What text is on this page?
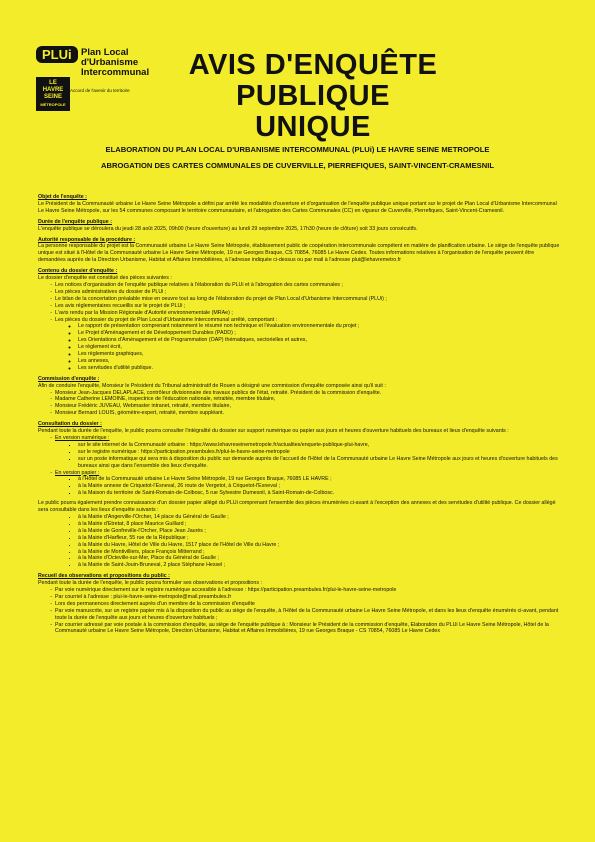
PLUi Plan Local
d'Urbanisme
Intercommunal
LE
HAVRE
SEINE
MÉTROPOLE
Accord de l'avenir du territoire
AVIS D'ENQUÊTE
PUBLIQUE UNIQUE
ELABORATION DU PLAN LOCAL D'URBANISME INTERCOMMUNAL (PLUi) LE HAVRE SEINE METROPOLE
ABROGATION DES CARTES COMMUNALES DE CUVERVILLE, PIERREFIQUES, SAINT-VINCENT-CRAMESNIL
Objet de l'enquête :

Le Président de la Communauté urbaine Le Havre Seine Métropole a défini par arrêté les modalités d'ouverture et d'organisation de l'enquête publique unique portant sur le projet de Plan Local d'Urbanisme Intercommunal Le Havre Seine Métropole, sur les 54 communes composant le territoire communautaire, et l'abrogation des Cartes Communales (CC) en vigueur de Cuverville, Pierrefiques, Saint-Vincent-Cramesnil.

Durée de l'enquête publique :

L'enquête publique se déroulera du jeudi 28 août 2025, 09h00 (heure d'ouverture) au lundi 29 septembre 2025, 17h30 (heure de clôture) soit 33 jours consécutifs.

Autorité responsable de la procédure :

La personne responsable du projet est la Communauté urbaine Le Havre Seine Métropole, établissement public de coopération intercommunale compétent en matière de planification urbaine. Le siège de l'enquête publique unique est situé à l'Hôtel de la Communauté urbaine Le Havre Seine Métropole, 19 rue Georges Braque, CS 70854, 76085 Le Havre Cedex. Toutes informations relatives à l'organisation de l'enquête peuvent être demandées auprès de la Direction Urbanisme, Habitat et Affaires Immobilières, à l'adresse indiquée ci-dessus ou par mail à l'adresse plui@lehavremetro.fr

Contenu du dossier d'enquête :

Le dossier d'enquête est constitué des pièces suivantes :

- Les notices d'organisation de l'enquête publique relatives à l'élaboration du PLUi et à l'abrogation des cartes communales ;
- Les pièces administratives du dossier de PLUi ;
- Le bilan de la concertation préalable mise en oeuvre tout au long de l'élaboration du projet de Plan Local d'Urbanisme Intercommunal (PLUi) ;
- Les avis réglementaires recueillis sur le projet de PLUi ;
- L'avis rendu par la Mission Régionale d'Autorité environnementale (MRAe) ;
- Les pièces du dossier du projet de Plan Local d'Urbanisme Intercommunal arrêté, comportant :
◦ Le rapport de présentation comprenant notamment le résumé non technique et l'évaluation environnementale du projet ;
◦ Le Projet d'Aménagement et de Développement Durables (PADD) ;
◦ Les Orientations d'Aménagement et de Programmation (OAP) thématiques, sectorielles et autres,
◦ Le règlement écrit,
◦ Les règlements graphiques,
◦ Les annexes,
◦ Les servitudes d'utilité publique.
Commission d'enquête :

Afin de conduire l'enquête, Monsieur le Président du Tribunal administratif de Rouen a désigné une commission d'enquête composée ainsi qu'il suit :

- Monsieur Jean-Jacques DELAPLACE, contrôleur divisionnaire des travaux publics de l'état, retraité. Président de la commission d'enquête.
- Madame Catherine LEMOINE, inspectrice de l'éducation nationale, retraitée, membre titulaire,
- Monsieur Frédéric JUVEAU, Webmaster intranet, retraité, membre titulaire,
- Monsieur Bernard LOUIS, géomètre-expert, retraité, membre suppléant.
Consultation du dossier :

Pendant toute la durée de l'enquête, le public pourra consulter l'intégralité du dossier sur support numérique ou papier aux jours et heures d'ouverture habituels des bureaux et lieux d'enquête suivants :

- En version numérique :
▪ sur le site internet de la Communauté urbaine : https://www.lehavreseinemetropole.fr/actualites/enquete-publique-plui-havre,
▪ sur le registre numérique : https://participation.preambules.fr/plui-le-havre-seine-metropole
▪ sur un poste informatique qui sera mis à disposition du public sur demande auprès de l'accueil de l'Hôtel de la Communauté urbaine Le Havre Seine Métropole aux jours et heures d'ouverture habituels des bureaux ainsi que dans l'ensemble des lieux d'enquête.
- En version papier :
▪ à l'Hôtel de la Communauté urbaine Le Havre Seine Métropole, 19 rue Georges Braque, 76085 LE HAVRE ;
▪ à la Mairie annexe de Criquetot-l'Esneval, 26 route de Vergetot, à Criquetot-l'Esneval ;
▪ à la Maison du territoire de Saint-Romain-de-Colbosc, 5 rue Sylvestre Dumesnil, à Saint-Romain-de-Colbosc.

Le public pourra également prendre connaissance d'un dossier papier allégé du PLUi comprenant l'ensemble des pièces énumérées ci-avant à l'exception des annexes et des servitudes d'utilité publique. Ce dossier allégé sera consultable dans les lieux d'enquête suivants :

• à la Mairie d'Angerville-l'Orcher, 14 place du Général de Gaulle ;
• à la Mairie d'Etretat, 8 place Maurice Guillard ;
• à la Mairie de Gonfreville-l'Orcher, Place Jean Jaurès ;
• à la Mairie d'Harfleur, 55 rue de la République ;
• à la Mairie du Havre, Hôtel de Ville du Havre, 1517 place de l'Hôtel de Ville du Havre ;
• à la Mairie de Montivilliers, place François Mitterrand ;
• à la Mairie d'Octeville-sur-Mer, Place du Général de Gaulle ;
• à la Mairie de Saint-Jouin-Bruneval, 2 place Stéphane Hessel ;
Recueil des observations et propositions du public :

Pendant toute la durée de l'enquête, le public pourra formuler ses observations et propositions :

- Par voie numérique directement sur le registre numérique accessible à l'adresse : https://participation.preambules.fr/plui-le-havre-seine-metropole
- Par courriel à l'adresse : plui-le-havre-seine-metropole@mail.preambules.fr
- Lors des permanences directement auprès d'un membre de la commission d'enquête
- Par voie manuscrite, sur un registre papier mis à la disposition du public au siège de l'enquête, à l'Hôtel de la Communauté urbaine Le Havre Seine Métropole, et dans les lieux d'enquête énumérés ci-avant, pendant toute la durée de l'enquête aux jours et heures d'ouverture habituels ;
- Par courrier adressé par voie postale à la commission d'enquête, au siège de l'enquête publique à : Monsieur le Président de la commission d'enquête, Elaboration du PLUi Le Havre Seine Métropole, Hôtel de la Communauté urbaine Le Havre Seine Métropole, Direction Urbanisme, Habitat et Affaires Immobilières, 19 rue Georges Braque - CS 70854, 76085 Le Havre Cedex
